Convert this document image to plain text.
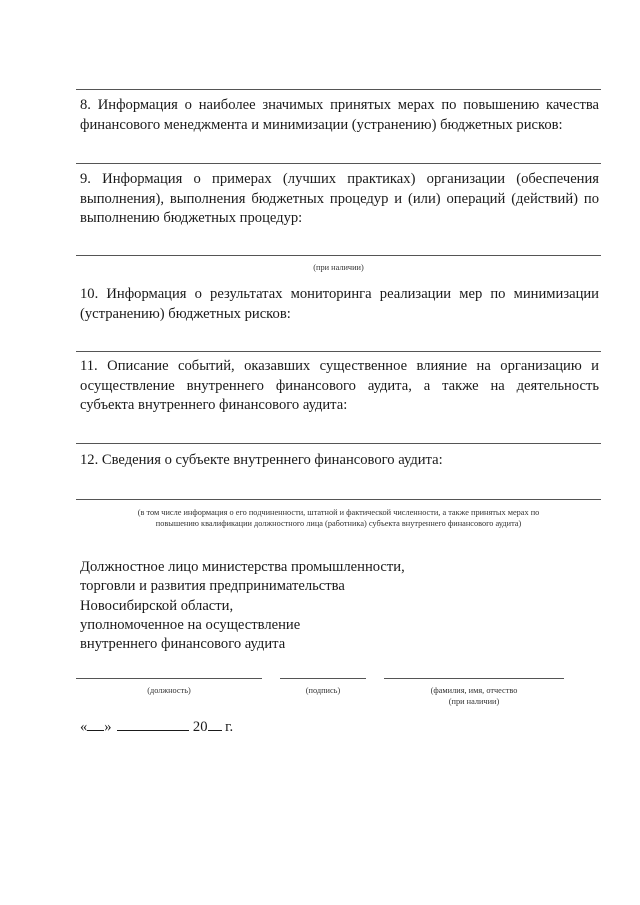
8. Информация о наиболее значимых принятых мерах по повышению качества финансового менеджмента и минимизации (устранению) бюджетных рисков:

9. Информация о примерах (лучших практиках) организации (обеспечения выполнения), выполнения бюджетных процедур и (или) операций (действий) по выполнению бюджетных процедур:

(при наличии)

10. Информация о результатах мониторинга реализации мер по минимизации (устранению) бюджетных рисков:

11. Описание событий, оказавших существенное влияние на организацию и осуществление внутреннего финансового аудита, а также на деятельность субъекта внутреннего финансового аудита:

12. Сведения о субъекте внутреннего финансового аудита:

(в том числе информация о его подчиненности, штатной и фактической численности, а также принятых мерах по

повышению квалификации должностного лица (работника) субъекта внутреннего финансового аудита)

Должностное лицо министерства промышленности,
торговли и развития предпринимательства
Новосибирской области,
уполномоченное на осуществление
внутреннего финансового аудита
(должность)	(подпись)	(фамилия, имя, отчество
(при наличии)
« »	20 г.
